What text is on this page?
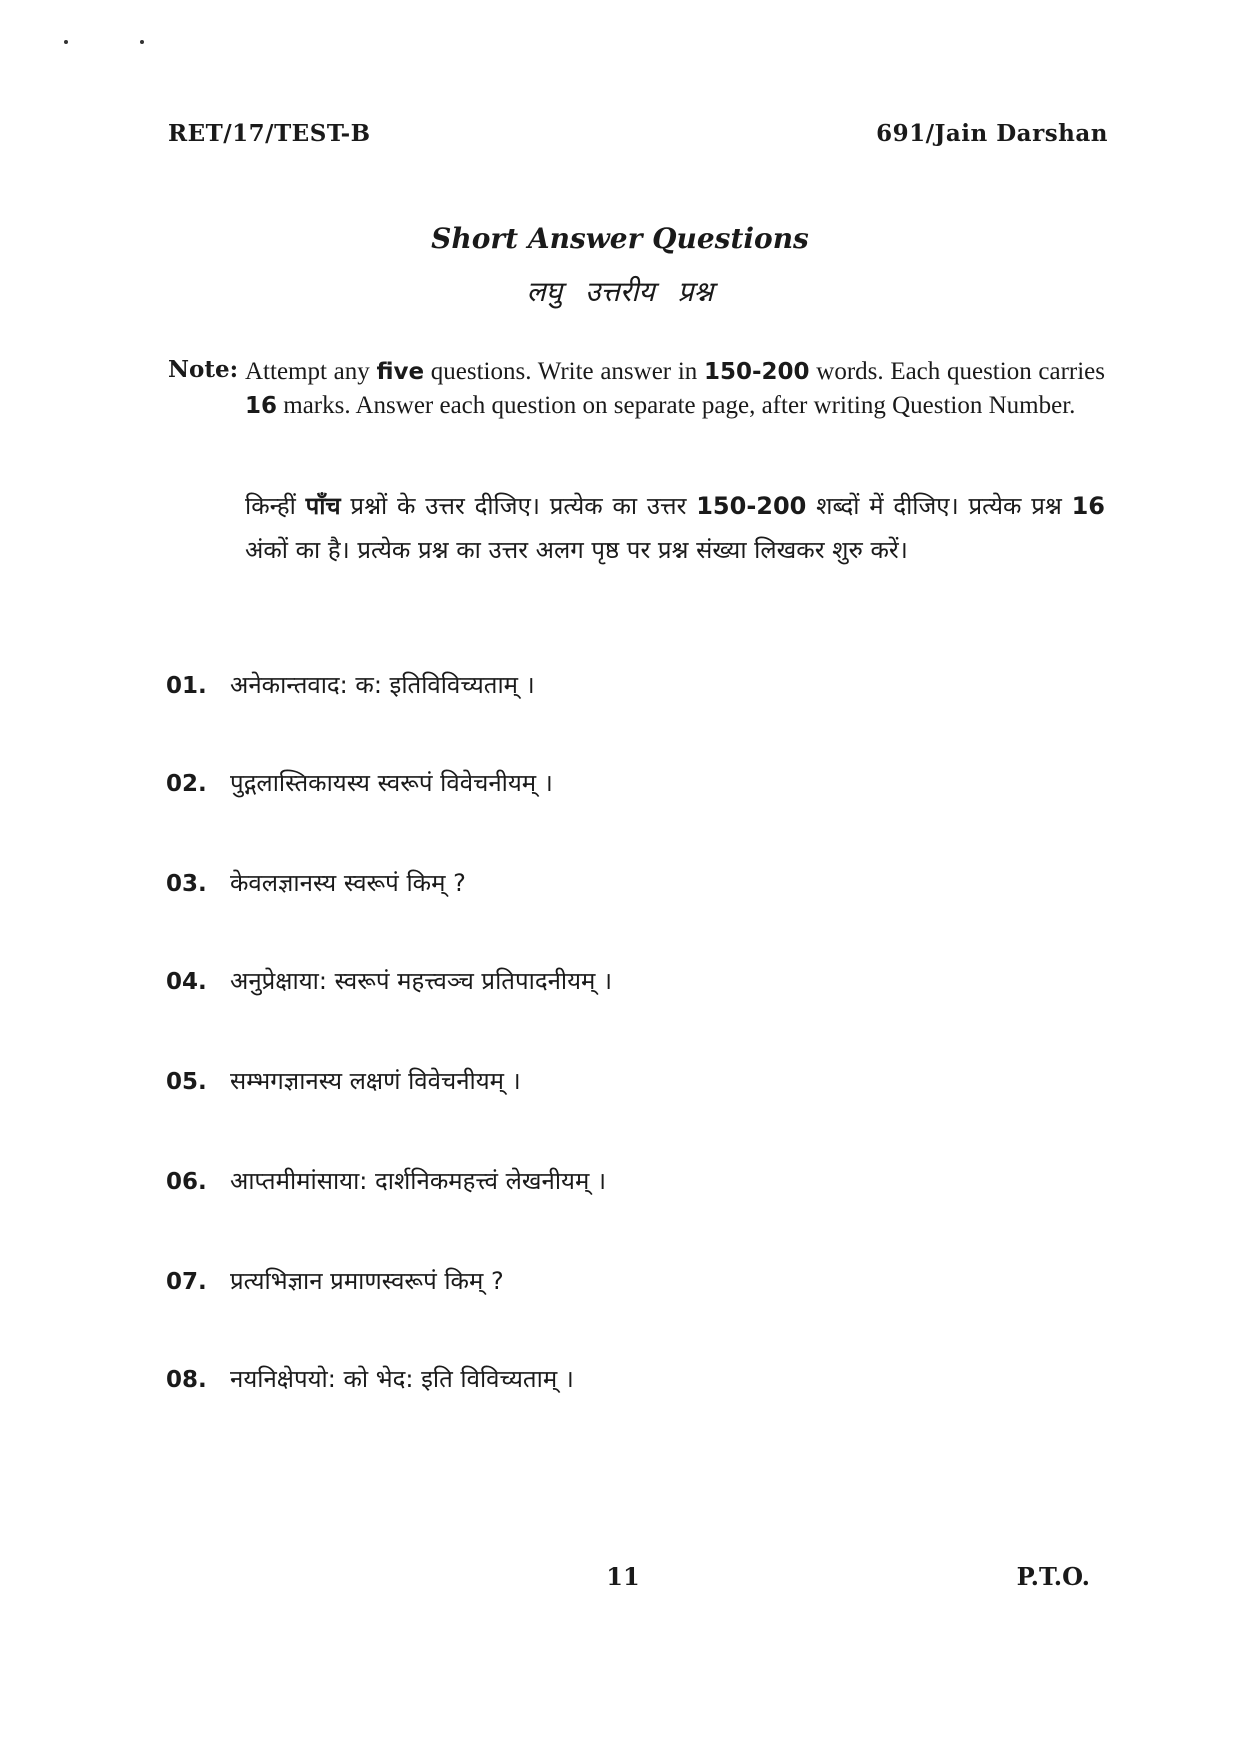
RET/17/TEST-B	691/Jain Darshan
Short Answer Questions
लघु उत्तरीय प्रश्न
Note: Attempt any five questions. Write answer in 150-200 words. Each question carries 16 marks. Answer each question on separate page, after writing Question Number.
किन्हीं पाँच प्रश्नों के उत्तर दीजिए। प्रत्येक का उत्तर 150-200 शब्दों में दीजिए। प्रत्येक प्रश्न 16 अंकों का है। प्रत्येक प्रश्न का उत्तर अलग पृष्ठ पर प्रश्न संख्या लिखकर शुरु करें।
01. अनेकान्तवाद: क: इतिविविच्यताम् ।
02. पुद्गलास्तिकायस्य स्वरूपं विवेचनीयम् ।
03. केवलज्ञानस्य स्वरूपं किम् ?
04. अनुप्रेक्षाया: स्वरूपं महत्त्वञ्च प्रतिपादनीयम् ।
05. सम्भगज्ञानस्य लक्षणं विवेचनीयम् ।
06. आप्तमीमांसाया: दार्शनिकमहत्त्वं लेखनीयम् ।
07. प्रत्यभिज्ञान प्रमाणस्वरूपं किम् ?
08. नयनिक्षेपयो: को भेद: इति विविच्यताम् ।
11	P.T.O.
